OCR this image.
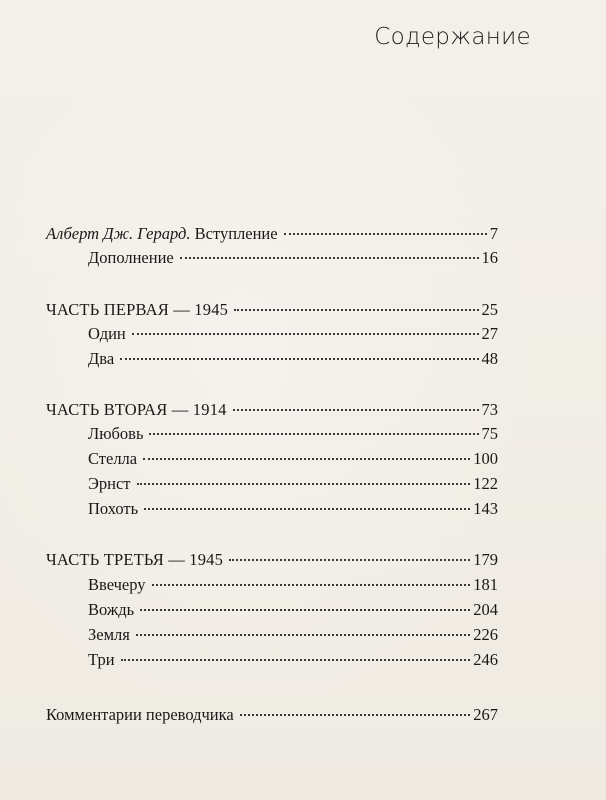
Содержание
Алберт Дж. Герард. Вступление	7
Дополнение	16
ЧАСТЬ ПЕРВАЯ — 1945	25
Один	27
Два	48
ЧАСТЬ ВТОРАЯ — 1914	73
Любовь	75
Стелла	100
Эрнст	122
Похоть	143
ЧАСТЬ ТРЕТЬЯ — 1945	179
Ввечеру	181
Вождь	204
Земля	226
Три	246
Комментарии переводчика	267
